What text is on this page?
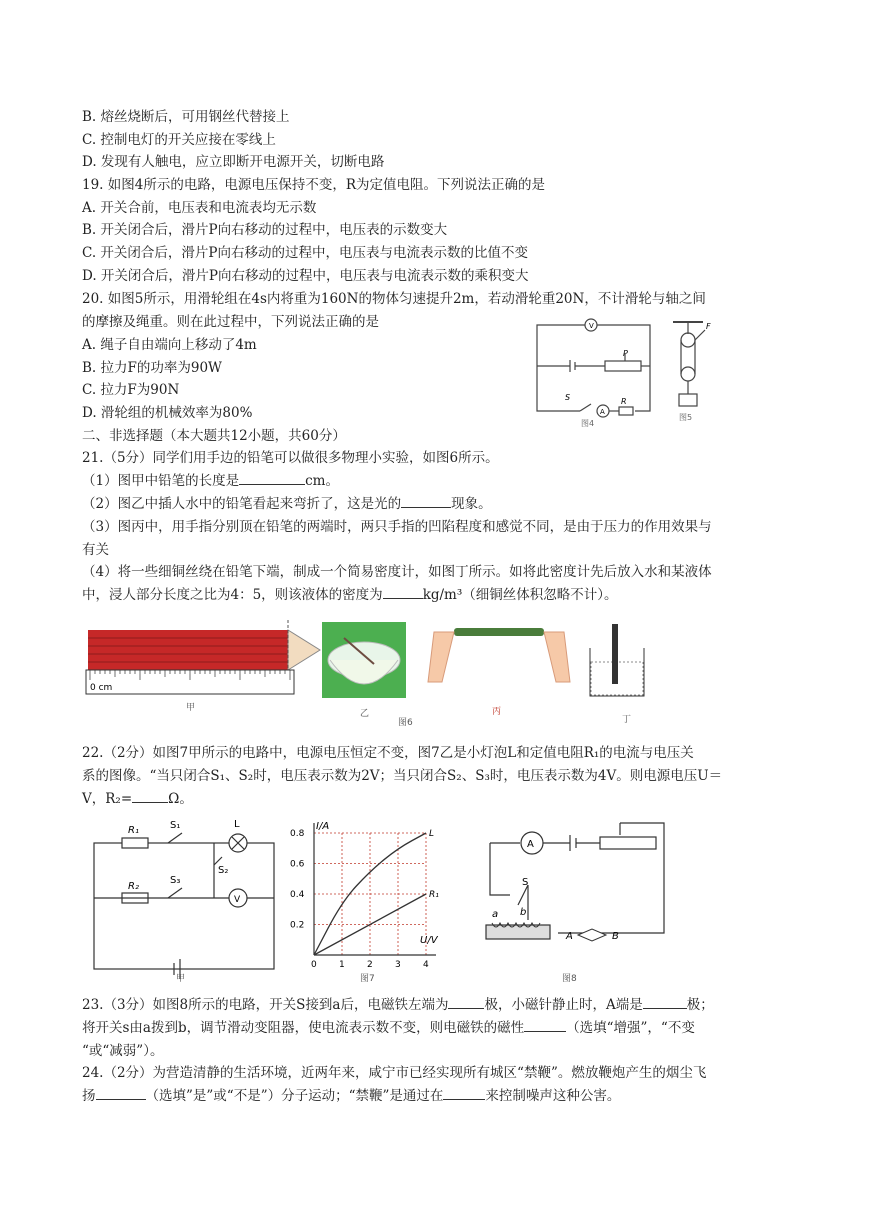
B. 熔丝烧断后，可用钢丝代替接上
C. 控制电灯的开关应接在零线上
D. 发现有人触电，应立即断开电源开关，切断电路
19. 如图4所示的电路，电源电压保持不变，R为定值电阻。下列说法正确的是
A. 开关合前，电压表和电流表均无示数
B. 开关闭合后，滑片P向右移动的过程中，电压表的示数变大
C. 开关闭合后，滑片P向右移动的过程中，电压表与电流表示数的比值不变
D. 开关闭合后，滑片P向右移动的过程中，电压表与电流表示数的乘积变大
20. 如图5所示，用滑轮组在4s内将重为160N的物体匀速提升2m，若动滑轮重20N，不计滑轮与轴之间
的摩擦及绳重。则在此过程中，下列说法正确的是
A. 绳子自由端向上移动了4m
B. 拉力F的功率为90W
C. 拉力F为90N
D. 滑轮组的机械效率为80%
V
P
S
A
R
F
图4
图5
二、非选择题（本大题共12小题，共60分）
21.（5分）同学们用手边的铅笔可以做很多物理小实验，如图6所示。
（1）图甲中铅笔的长度是	cm。
（2）图乙中插人水中的铅笔看起来弯折了，这是光的	现象。
（3）图丙中，用手指分别顶在铅笔的两端时，两只手指的凹陷程度和感觉不同，是由于压力的作用效果与
有关
（4）将一些细铜丝绕在铅笔下端，制成一个简易密度计，如图丁所示。如将此密度计先后放入水和某液体
中，浸人部分长度之比为4：5，则该液体的密度为	kg/m³（细铜丝体积忽略不计）。
0 cm
甲
乙	丙
丁
图6
22.（2分）如图7甲所示的电路中，电源电压恒定不变，图7乙是小灯泡L和定值电阻R₁的电流与电压关
系的图像。“当只闭合S₁、S₂时，电压表示数为2V；当只闭合S₂、S₃时，电压表示数为4V。则电源电压U＝
V，R₂=	Ω。
R₁
R₂
S₁
S₃
S₂
L
V
甲
0 1 2 3 4
0.2
0.4
0.6
0.8	L
R₁
I/A
U/V
图7
A
S
a b
A	B
图8
23.（3分）如图8所示的电路，开关S接到a后，电磁铁左端为	极，小磁针静止时，A端是	极；
将开关s由a拨到b，调节滑动变阻器，使电流表示数不变，则电磁铁的磁性	（选填“增强”，“不变
“或“减弱”）。
24.（2分）为营造清静的生活环境，近两年来，咸宁市已经实现所有城区“禁鞭”。燃放鞭炮产生的烟尘飞
扬	（选填”是”或“不是”）分子运动；“禁鞭”是通过在	来控制噪声这种公害。
